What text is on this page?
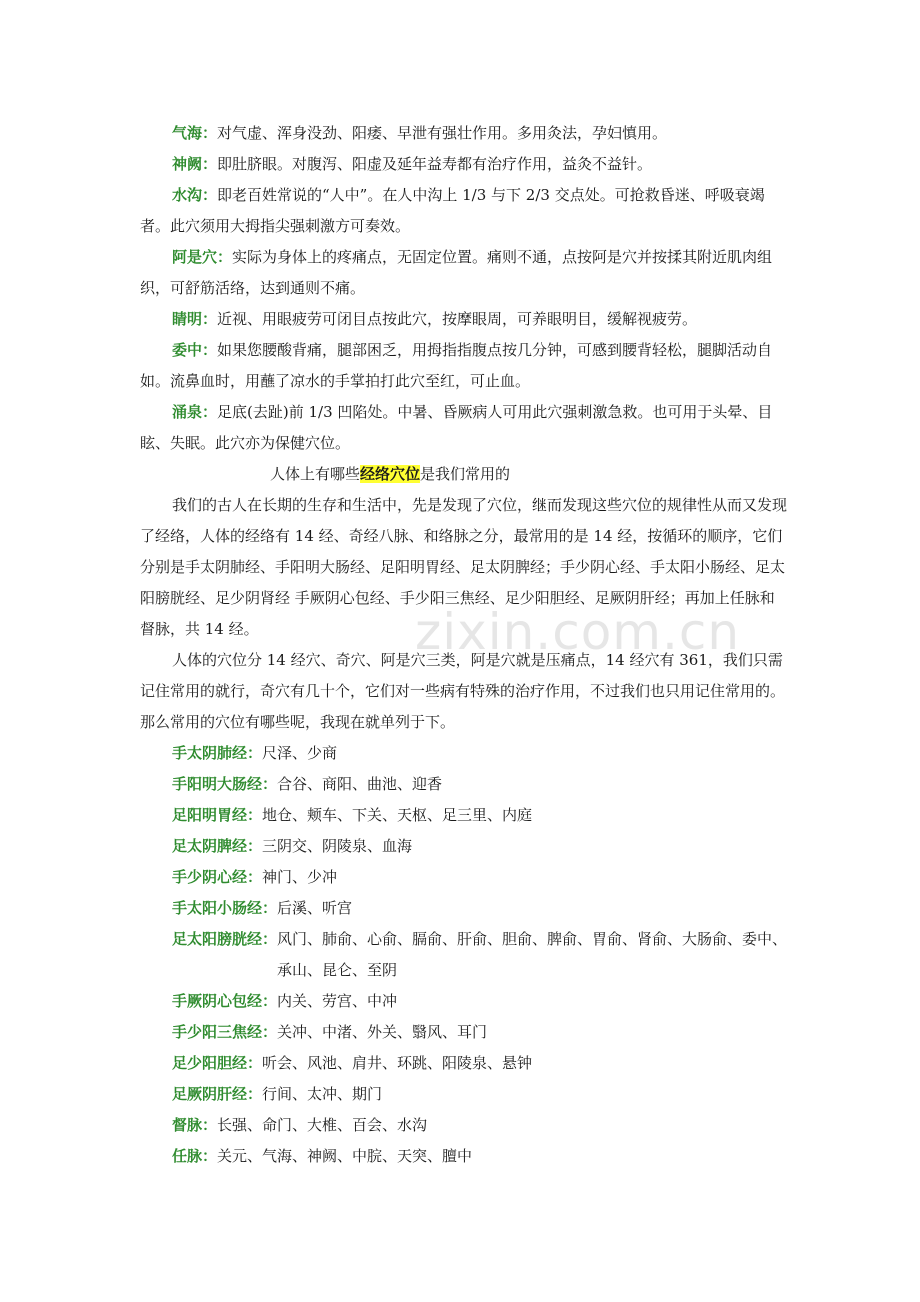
zixin.com.cn

气海：对气虚、浑身没劲、阳痿、早泄有强壮作用。多用灸法，孕妇慎用。

神阙：即肚脐眼。对腹泻、阳虚及延年益寿都有治疗作用，益灸不益针。

水沟：即老百姓常说的“人中”。在人中沟上 1/3 与下 2/3 交点处。可抢救昏迷、呼吸衰竭者。此穴须用大拇指尖强刺激方可奏效。

阿是穴：实际为身体上的疼痛点，无固定位置。痛则不通，点按阿是穴并按揉其附近肌肉组织，可舒筋活络，达到通则不痛。

睛明：近视、用眼疲劳可闭目点按此穴，按摩眼周，可养眼明目，缓解视疲劳。

委中：如果您腰酸背痛，腿部困乏，用拇指指腹点按几分钟，可感到腰背轻松，腿脚活动自如。流鼻血时，用蘸了凉水的手掌拍打此穴至红，可止血。

涌泉：足底(去趾)前 1/3 凹陷处。中暑、昏厥病人可用此穴强刺激急救。也可用于头晕、目眩、失眠。此穴亦为保健穴位。

人体上有哪些经络穴位是我们常用的

我们的古人在长期的生存和生活中，先是发现了穴位，继而发现这些穴位的规律性从而又发现了经络，人体的经络有 14 经、奇经八脉、和络脉之分，最常用的是 14 经，按循环的顺序，它们分别是手太阴肺经、手阳明大肠经、足阳明胃经、足太阴脾经；手少阴心经、手太阳小肠经、足太阳膀胱经、足少阴肾经 手厥阴心包经、手少阳三焦经、足少阳胆经、足厥阴肝经；再加上任脉和督脉，共 14 经。

人体的穴位分 14 经穴、奇穴、阿是穴三类，阿是穴就是压痛点，14 经穴有 361，我们只需记住常用的就行，奇穴有几十个，它们对一些病有特殊的治疗作用，不过我们也只用记住常用的。那么常用的穴位有哪些呢，我现在就单列于下。

手太阴肺经： 尺泽、少商
手阳明大肠经： 合谷、商阳、曲池、迎香
足阳明胃经： 地仓、颊车、下关、天枢、足三里、内庭
足太阴脾经： 三阴交、阴陵泉、血海
手少阴心经： 神门、少冲
手太阳小肠经： 后溪、听宫
足太阳膀胱经： 风门、肺俞、心俞、膈俞、肝俞、胆俞、脾俞、胃俞、肾俞、大肠俞、委中、承山、昆仑、至阴
手厥阴心包经： 内关、劳宫、中冲
手少阳三焦经： 关冲、中渚、外关、翳风、耳门
足少阳胆经： 听会、风池、肩井、环跳、阳陵泉、悬钟
足厥阴肝经： 行间、太冲、期门
督脉： 长强、命门、大椎、百会、水沟
任脉： 关元、气海、神阙、中脘、天突、膻中
